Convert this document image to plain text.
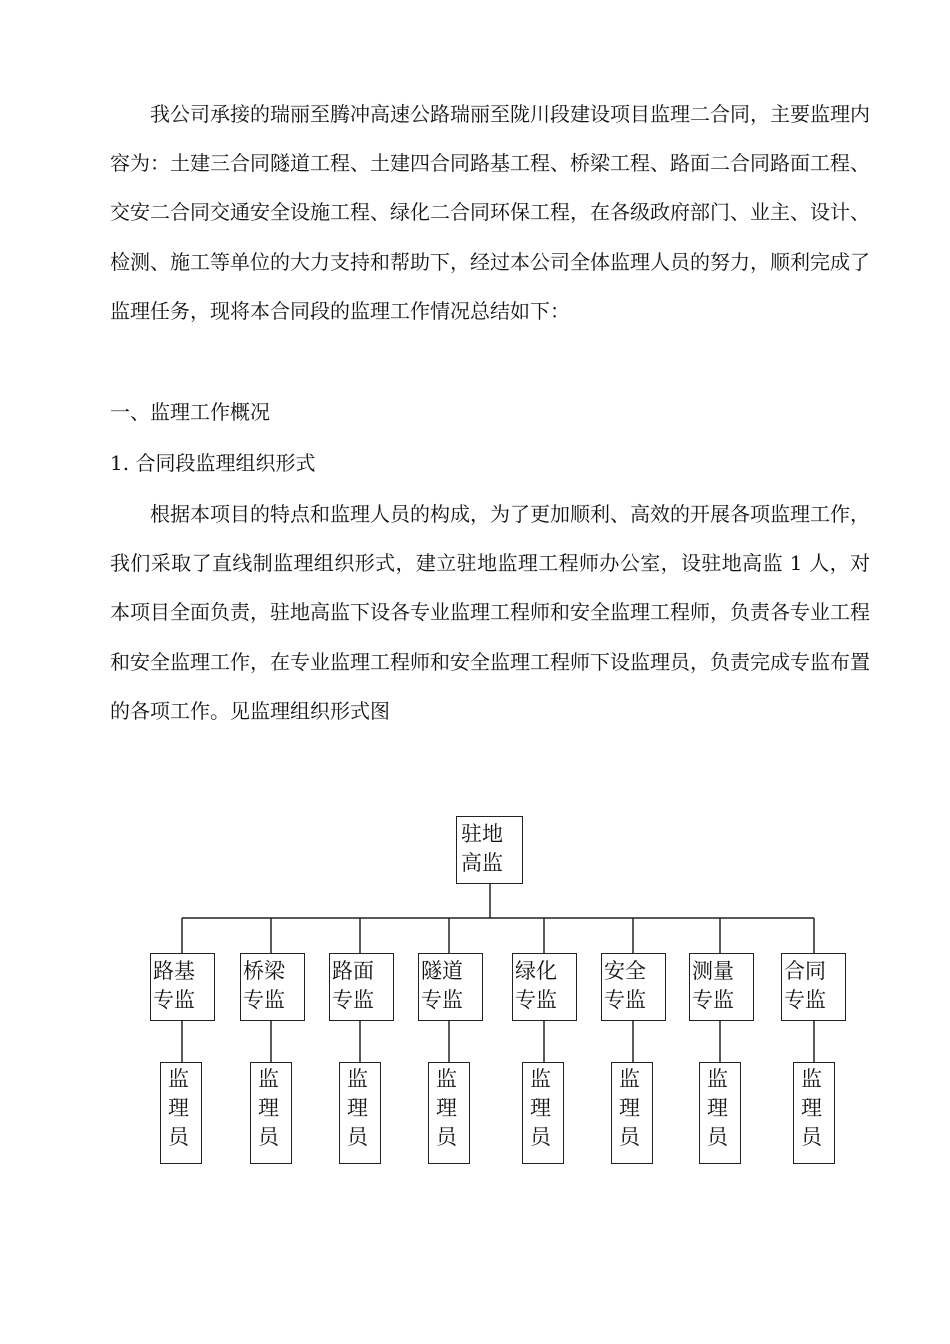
我公司承接的瑞丽至腾冲高速公路瑞丽至陇川段建设项目监理二合同，主要监理内容为：土建三合同隧道工程、土建四合同路基工程、桥梁工程、路面二合同路面工程、交安二合同交通安全设施工程、绿化二合同环保工程，在各级政府部门、业主、设计、检测、施工等单位的大力支持和帮助下，经过本公司全体监理人员的努力，顺利完成了监理任务，现将本合同段的监理工作情况总结如下：

一、监理工作概况

1. 合同段监理组织形式

根据本项目的特点和监理人员的构成，为了更加顺利、高效的开展各项监理工作，我们采取了直线制监理组织形式，建立驻地监理工程师办公室，设驻地高监 1 人，对本项目全面负责，驻地高监下设各专业监理工程师和安全监理工程师，负责各专业工程和安全监理工作，在专业监理工程师和安全监理工程师下设监理员，负责完成专监布置的各项工作。见监理组织形式图

驻地
高监
路基
专监
桥梁
专监
路面
专监
隧道
专监
绿化
专监
安全
专监
测量
专监
合同
专监
监
理
员
监
理
员
监
理
员
监
理
员
监
理
员
监
理
员
监
理
员
监
理
员
